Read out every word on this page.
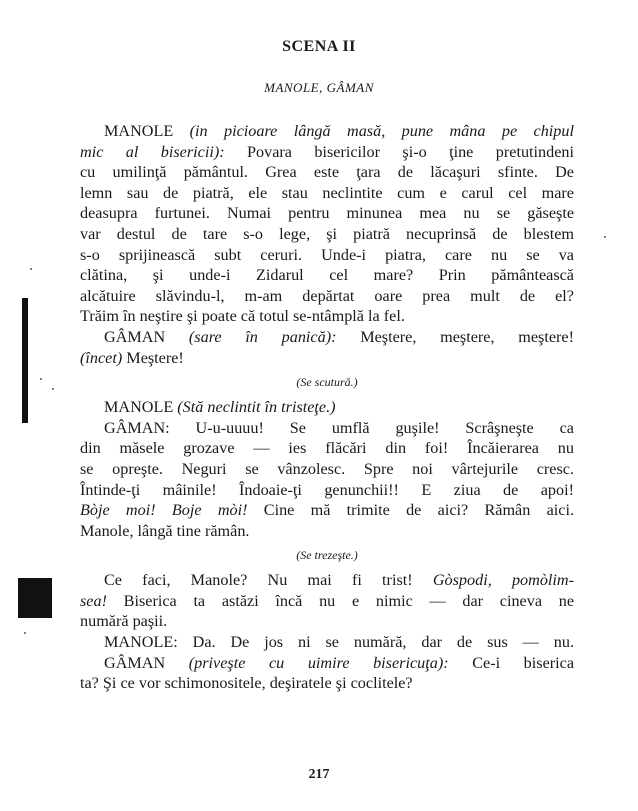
SCENA II
MANOLE, GÂMAN
MANOLE (in picioare lângă masă, pune mâna pe chipul
mic al bisericii): Povara bisericilor şi-o ţine pretutindeni
cu umilinţă pământul. Grea este ţara de lăcaşuri sfinte. De
lemn sau de piatră, ele stau neclintite cum e carul cel mare
deasupra furtunei. Numai pentru minunea mea nu se găseşte
var destul de tare s-o lege, şi piatră necuprinsă de blestem
s-o sprijinească subt ceruri. Unde-i piatra, care nu se va
clătina, şi unde-i Zidarul cel mare? Prin pământească
alcătuire slăvindu-l, m-am depărtat oare prea mult de el?
Trăim în neştire şi poate că totul se-ntâmplă la fel.
GÂMAN (sare în panică): Meştere, meştere, meştere!
(încet) Meştere!
(Se scutură.)
MANOLE (Stă neclintit în tristeţe.)
GÂMAN: U-u-uuuu! Se umflă guşile! Scrâşneşte ca
din măsele grozave — ies flăcări din foi! Încăierarea nu
se opreşte. Neguri se vânzolesc. Spre noi vârtejurile cresc.
Întinde-ţi mâinile! Îndoaie-ţi genunchii!! E ziua de apoi!
Bòje moi! Boje mòi! Cine mă trimite de aici? Rămân aici.
Manole, lângă tine rămân.
(Se trezeşte.)
Ce faci, Manole? Nu mai fi trist! Gòspodi, pomòlim-
sea! Biserica ta astăzi încă nu e nimic — dar cineva ne
numără paşii.
MANOLE: Da. De jos ni se numără, dar de sus — nu.
GÂMAN (priveşte cu uimire bisericuţa): Ce-i biserica
ta? Şi ce vor schimonositele, deşiratele şi coclitele?
217
